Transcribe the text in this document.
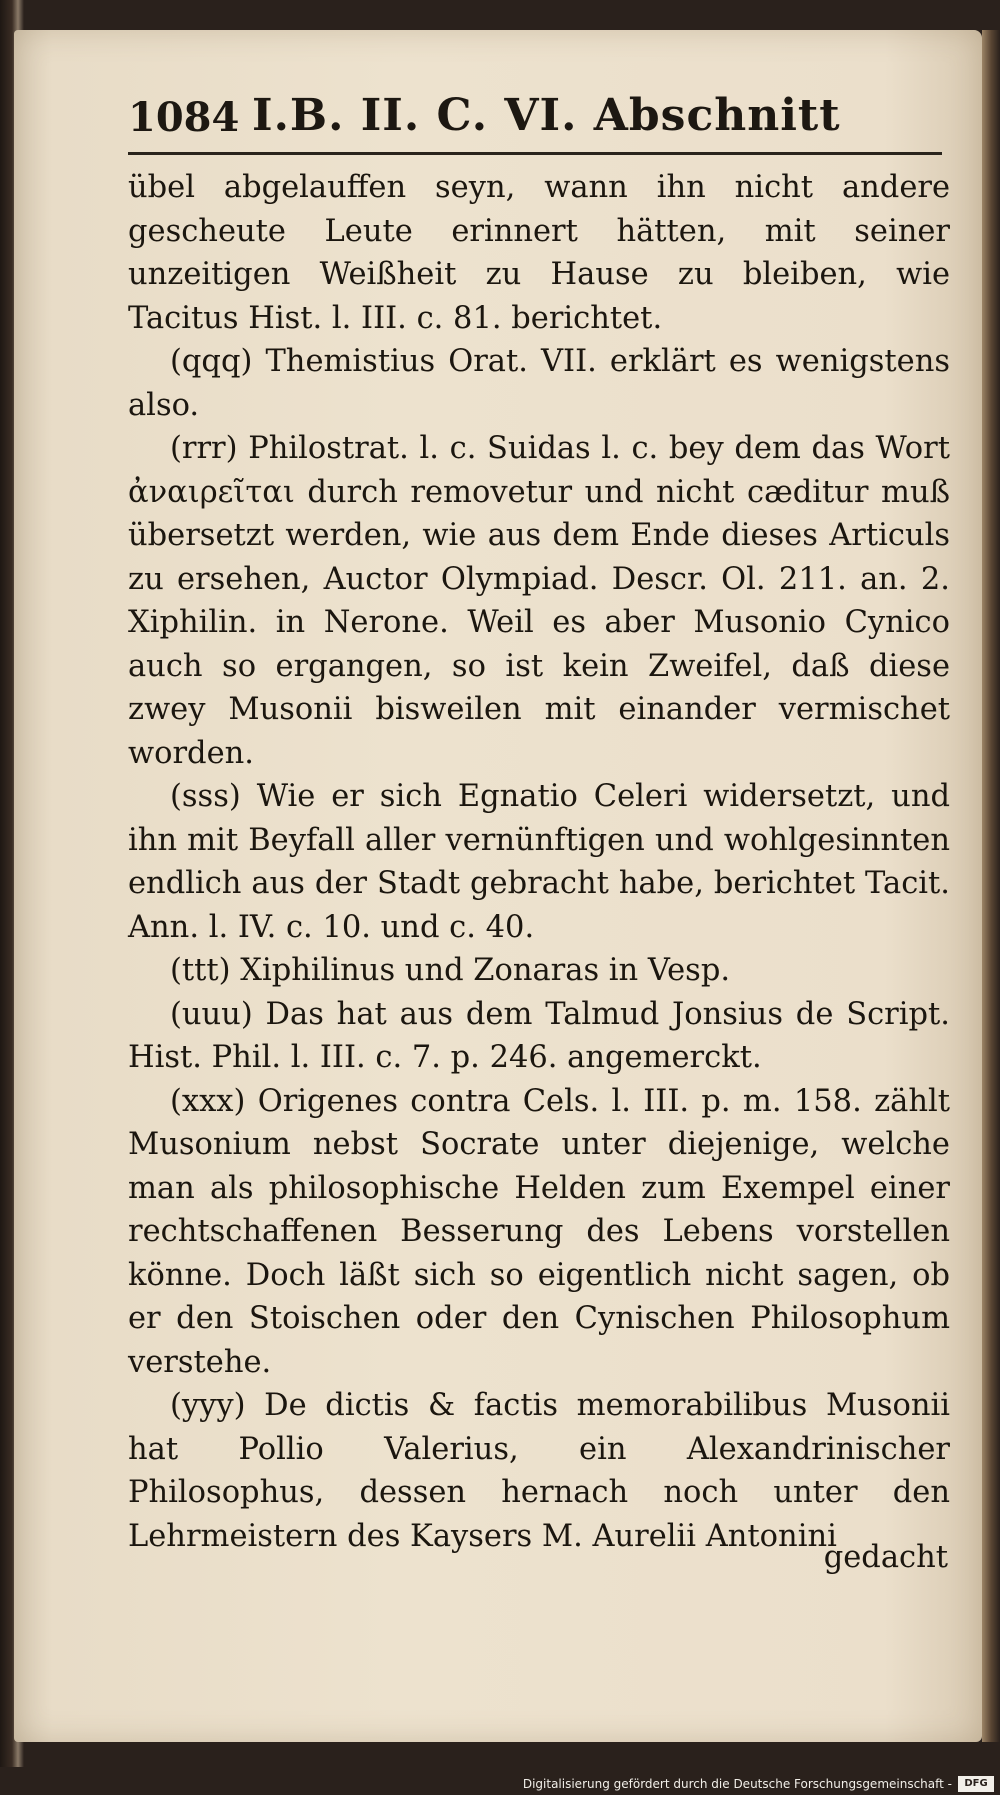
1084 I.B. II. C. VI. Abschnitt

übel abgelauffen seyn, wann ihn nicht andere gescheute Leute erinnert hätten, mit seiner unzeitigen Weißheit zu Hause zu bleiben, wie Tacitus Hist. l. III. c. 81. berichtet.

(qqq) Themistius Orat. VII. erklärt es wenigstens also.

(rrr) Philostrat. l. c. Suidas l. c. bey dem das Wort ἀναιρεῖται durch removetur und nicht cæditur muß übersetzt werden, wie aus dem Ende dieses Articuls zu ersehen, Auctor Olympiad. Descr. Ol. 211. an. 2. Xiphilin. in Nerone. Weil es aber Musonio Cynico auch so ergangen, so ist kein Zweifel, daß diese zwey Musonii bisweilen mit einander vermischet worden.

(sss) Wie er sich Egnatio Celeri widersetzt, und ihn mit Beyfall aller vernünftigen und wohlgesinnten endlich aus der Stadt gebracht habe, berichtet Tacit. Ann. l. IV. c. 10. und c. 40.

(ttt) Xiphilinus und Zonaras in Vesp.

(uuu) Das hat aus dem Talmud Jonsius de Script. Hist. Phil. l. III. c. 7. p. 246. angemerckt.

(xxx) Origenes contra Cels. l. III. p. m. 158. zählt Musonium nebst Socrate unter diejenige, welche man als philosophische Helden zum Exempel einer rechtschaffenen Besserung des Lebens vorstellen könne. Doch läßt sich so eigentlich nicht sagen, ob er den Stoischen oder den Cynischen Philosophum verstehe.

(yyy) De dictis & factis memorabilibus Musonii hat Pollio Valerius, ein Alexandrinischer Philosophus, dessen hernach noch unter den Lehrmeistern des Kaysers M. Aurelii Antonini

gedacht
Digitalisierung gefördert durch die Deutsche Forschungsgemeinschaft -	DFG
